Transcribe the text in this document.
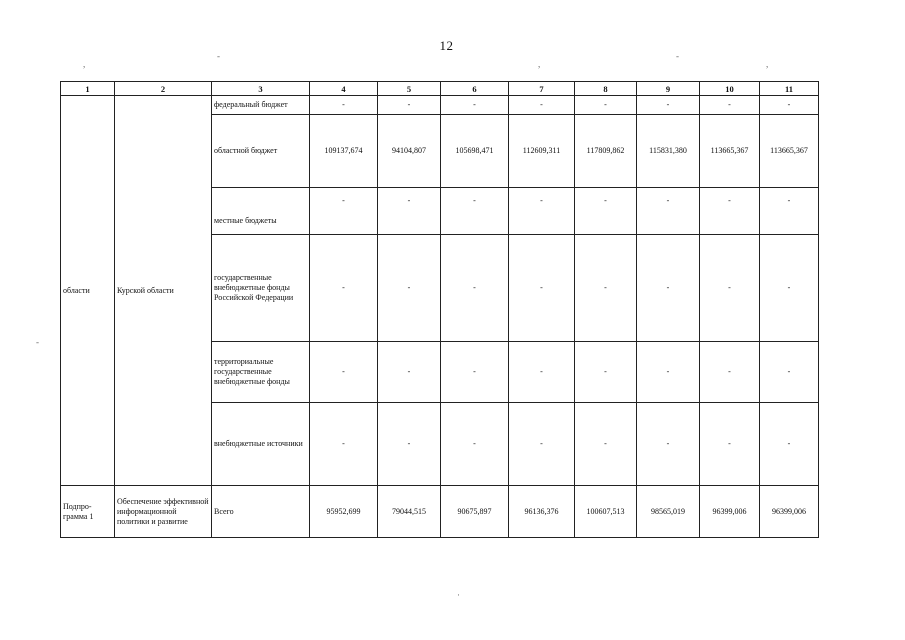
12
,
-
,
-
,
-
·
1	2	3	4	5	6	7	8	9	10	11
области	Курской области	федеральный бюджет	-	-	-	-	-	-	-	-
		областной бюджет	109137,674	94104,807	105698,471	112609,311	117809,862	115831,380	113665,367	113665,367
		местные бюджеты	-	-	-	-	-	-	-	-
		государственные внебюджетные фонды Российской Федерации	-	-	-	-	-	-	-	-
		территориальные государственные внебюджетные фонды	-	-	-	-	-	-	-	-
		внебюджетные источники	-	-	-	-	-	-	-	-
Подпро-грамма 1	Обеспечение эффективной информационной политики и развитие	Всего	95952,699	79044,515	90675,897	96136,376	100607,513	98565,019	96399,006	96399,006
